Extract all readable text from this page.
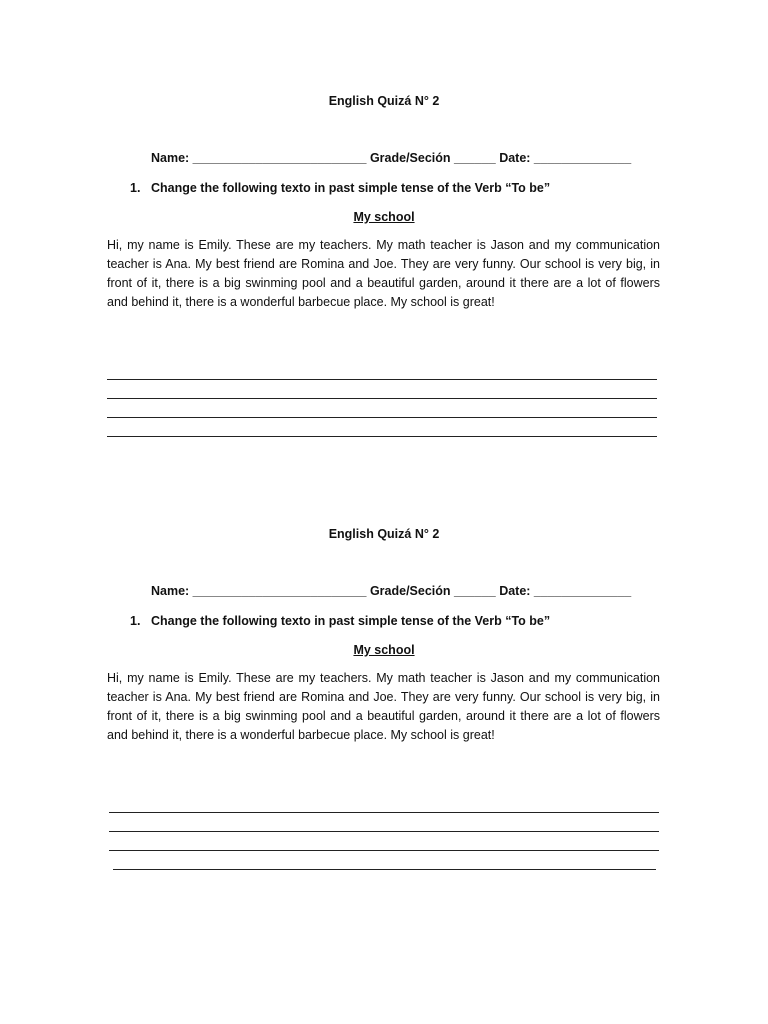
English Quizá N° 2
Name: _________________________ Grade/Seción ______ Date: ______________
1. Change the following texto in past simple tense of the Verb “To be”
My school

Hi, my name is Emily. These are my teachers. My math teacher is Jason and my communication teacher is Ana. My best friend are Romina and Joe. They are very funny. Our school is very big, in front of it, there is a big swinming pool and a beautiful garden, around it there are a lot of flowers and behind it, there is a wonderful barbecue place. My school is great!

English Quizá N° 2
Name: _________________________ Grade/Seción ______ Date: ______________
1. Change the following texto in past simple tense of the Verb “To be”
My school

Hi, my name is Emily. These are my teachers. My math teacher is Jason and my communication teacher is Ana. My best friend are Romina and Joe. They are very funny. Our school is very big, in front of it, there is a big swinming pool and a beautiful garden, around it there are a lot of flowers and behind it, there is a wonderful barbecue place. My school is great!
